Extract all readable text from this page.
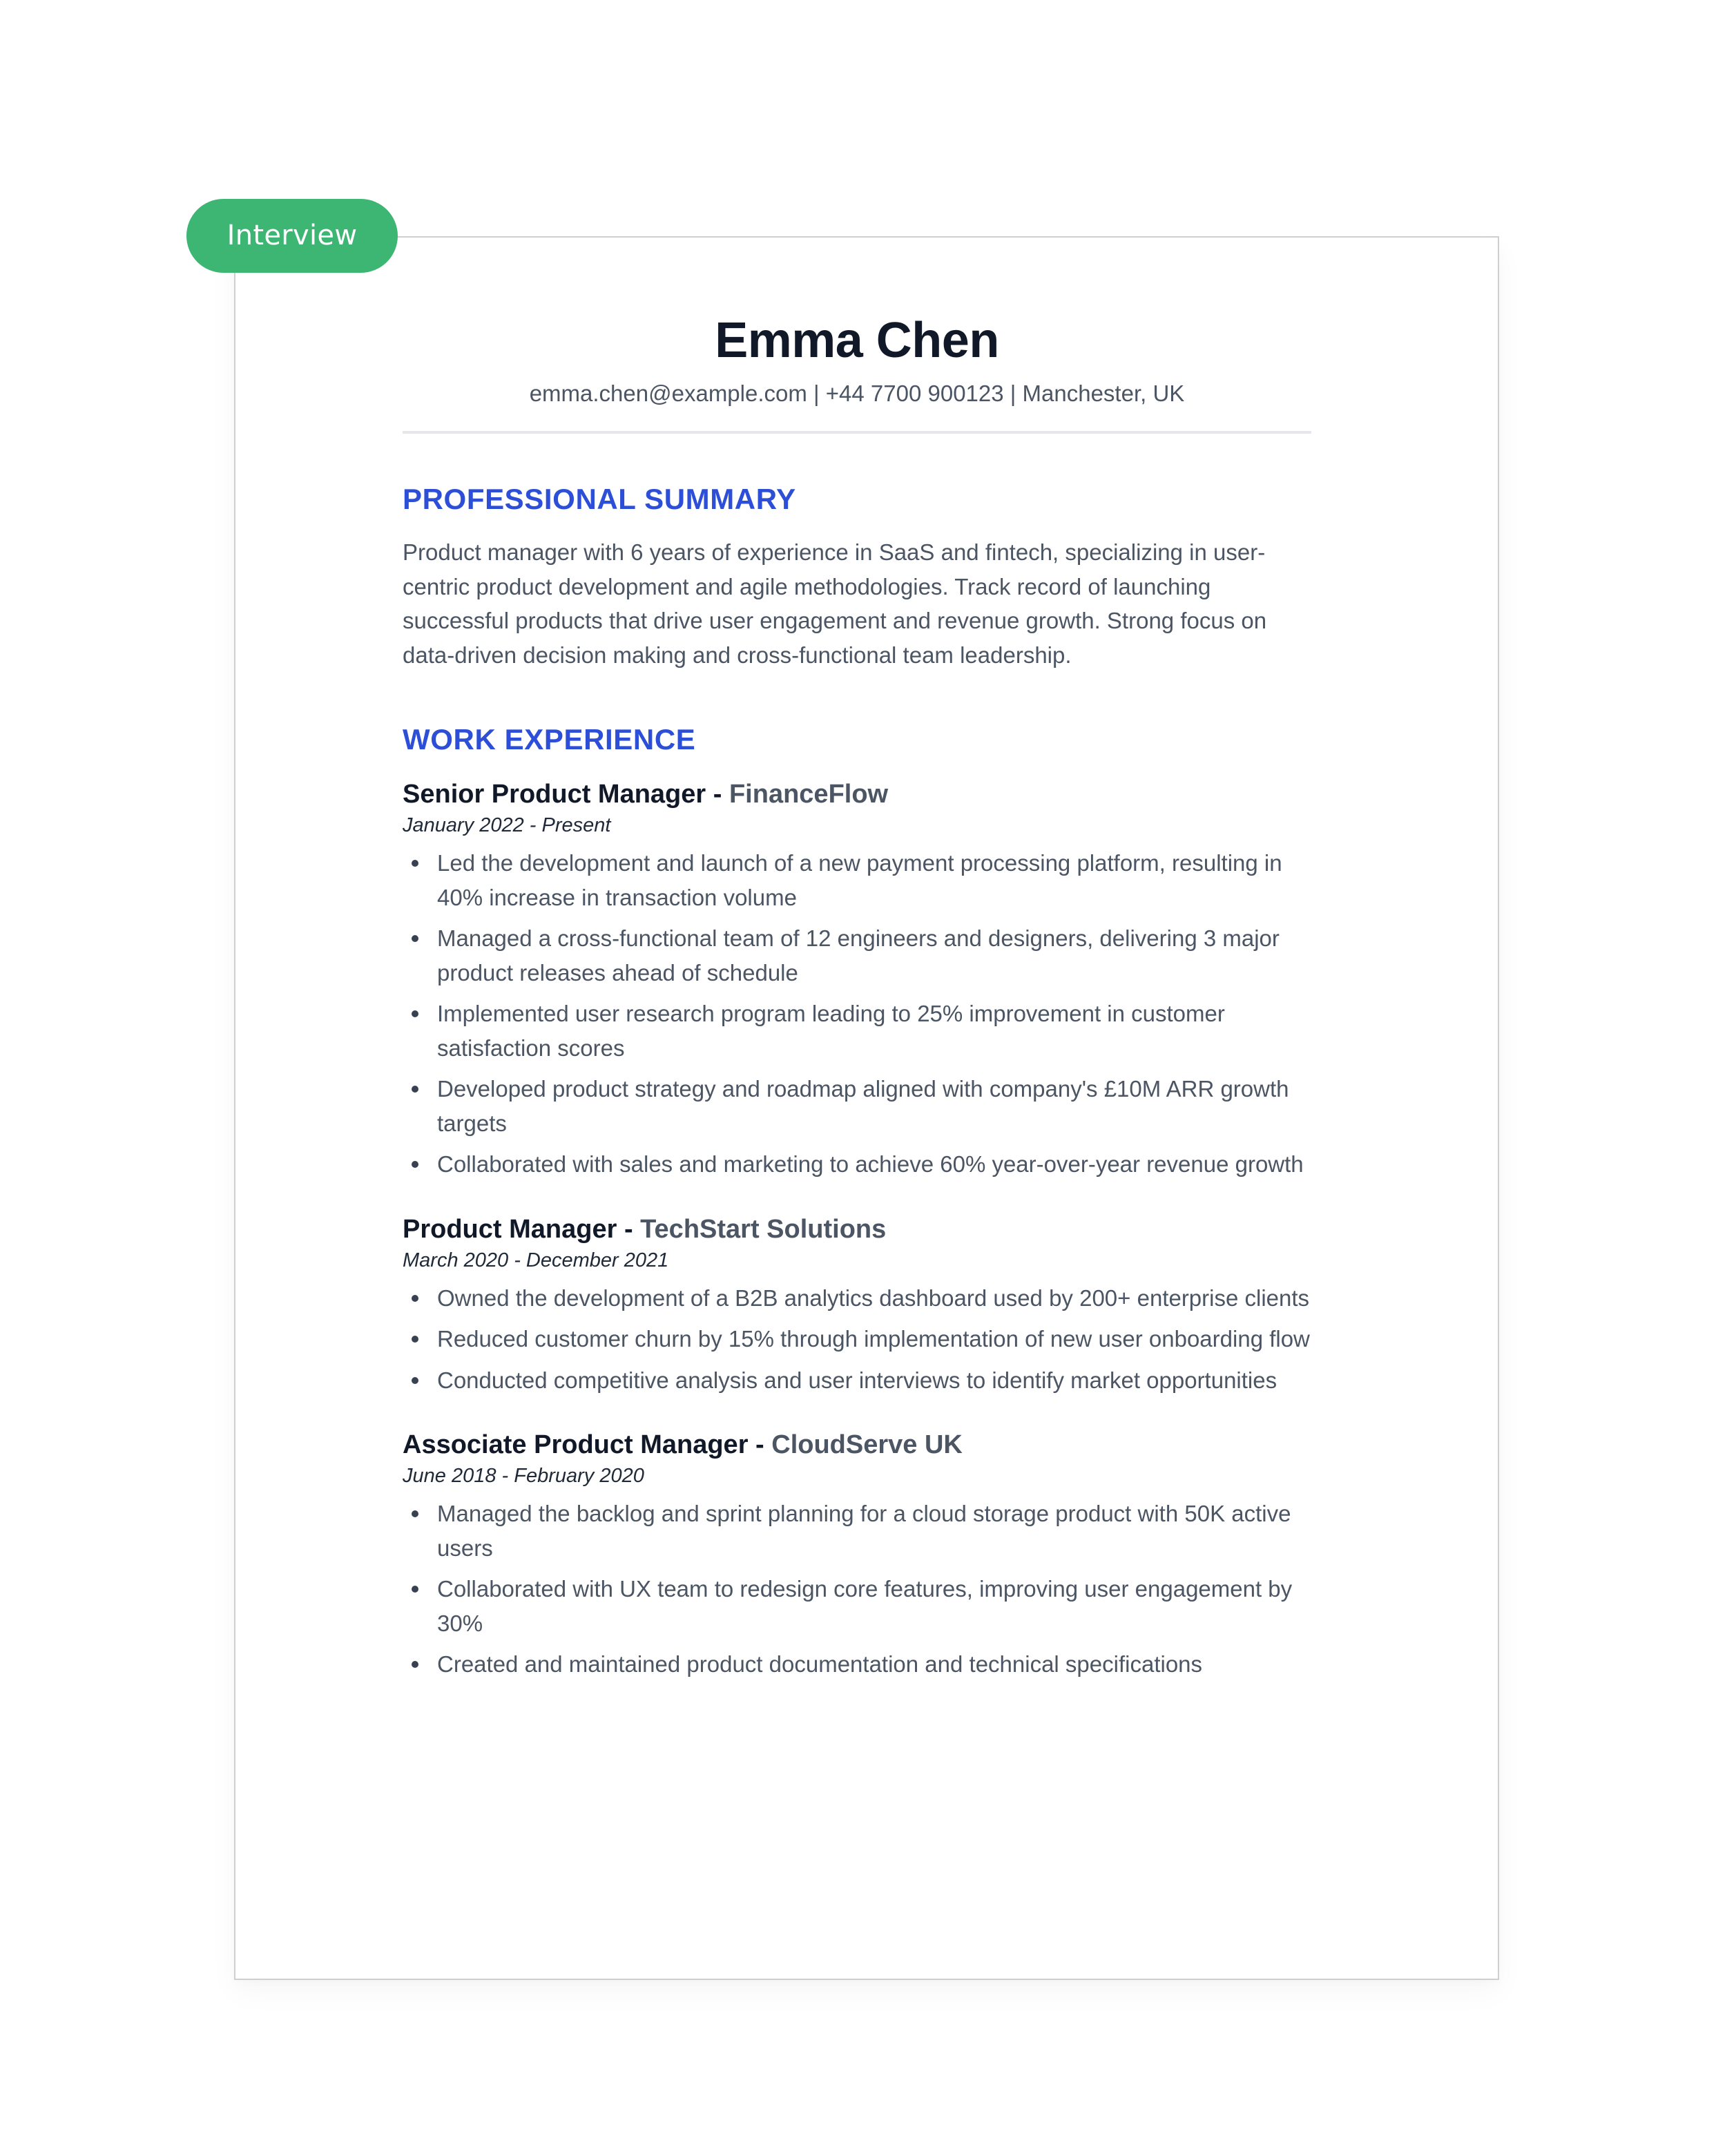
Interview
Emma Chen
emma.chen@example.com | +44 7700 900123 | Manchester, UK
PROFESSIONAL SUMMARY

Product manager with 6 years of experience in SaaS and fintech, specializing in user-centric product development and agile methodologies. Track record of launching successful products that drive user engagement and revenue growth. Strong focus on data-driven decision making and cross-functional team leadership.

WORK EXPERIENCE
Senior Product Manager - FinanceFlow
January 2022 - Present
Led the development and launch of a new payment processing platform, resulting in 40% increase in transaction volume
Managed a cross-functional team of 12 engineers and designers, delivering 3 major product releases ahead of schedule
Implemented user research program leading to 25% improvement in customer satisfaction scores
Developed product strategy and roadmap aligned with company's £10M ARR growth targets
Collaborated with sales and marketing to achieve 60% year-over-year revenue growth
Product Manager - TechStart Solutions
March 2020 - December 2021
Owned the development of a B2B analytics dashboard used by 200+ enterprise clients
Reduced customer churn by 15% through implementation of new user onboarding flow
Conducted competitive analysis and user interviews to identify market opportunities
Associate Product Manager - CloudServe UK
June 2018 - February 2020
Managed the backlog and sprint planning for a cloud storage product with 50K active users
Collaborated with UX team to redesign core features, improving user engagement by 30%
Created and maintained product documentation and technical specifications
